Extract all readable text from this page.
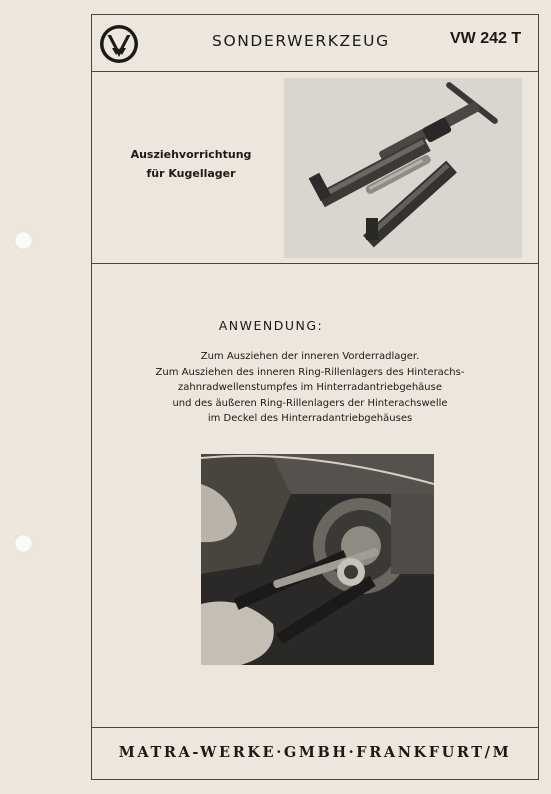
SONDERWERKZEUG	VW 242 T
Ausziehvorrichtung
für Kugellager
ANWENDUNG:
Zum Ausziehen der inneren Vorderradlager.
Zum Ausziehen des inneren Ring-Rillenlagers des Hinterachs-
zahnradwellenstumpfes im Hinterradantriebgehäuse
und des äußeren Ring-Rillenlagers der Hinterachswelle
im Deckel des Hinterradantriebgehäuses
MATRA-WERKE·GMBH·FRANKFURT/M
